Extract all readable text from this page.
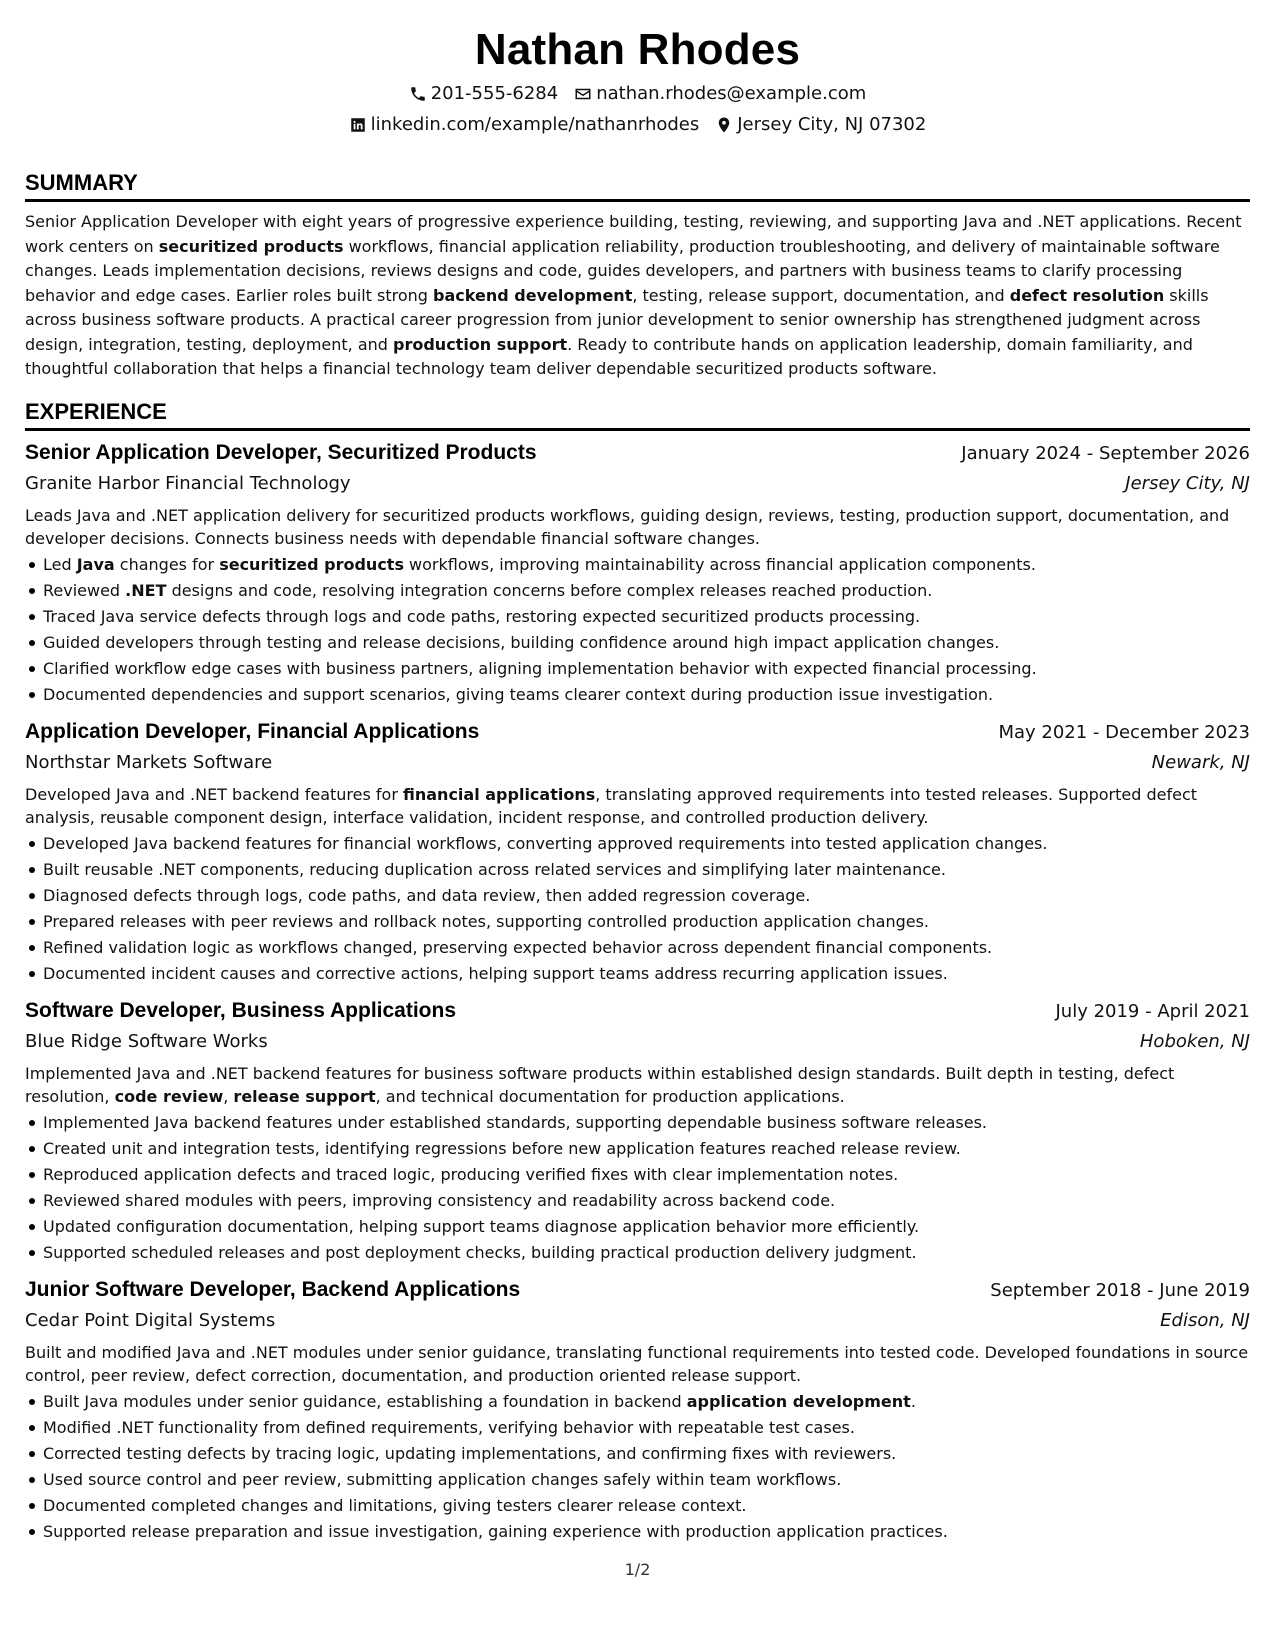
Nathan Rhodes
201-555-6284 nathan.rhodes@example.com
linkedin.com/example/nathanrhodes Jersey City, NJ 07302
SUMMARY
Senior Application Developer with eight years of progressive experience building, testing, reviewing, and supporting Java and .NET applications. Recent work centers on securitized products workflows, financial application reliability, production troubleshooting, and delivery of maintainable software changes. Leads implementation decisions, reviews designs and code, guides developers, and partners with business teams to clarify processing behavior and edge cases. Earlier roles built strong backend development, testing, release support, documentation, and defect resolution skills across business software products. A practical career progression from junior development to senior ownership has strengthened judgment across design, integration, testing, deployment, and production support. Ready to contribute hands on application leadership, domain familiarity, and thoughtful collaboration that helps a financial technology team deliver dependable securitized products software.
EXPERIENCE
Senior Application Developer, Securitized Products	January 2024 - September 2026
Granite Harbor Financial Technology	Jersey City, NJ
Leads Java and .NET application delivery for securitized products workflows, guiding design, reviews, testing, production support, documentation, and developer decisions. Connects business needs with dependable financial software changes.
Led Java changes for securitized products workflows, improving maintainability across financial application components.
Reviewed .NET designs and code, resolving integration concerns before complex releases reached production.
Traced Java service defects through logs and code paths, restoring expected securitized products processing.
Guided developers through testing and release decisions, building confidence around high impact application changes.
Clarified workflow edge cases with business partners, aligning implementation behavior with expected financial processing.
Documented dependencies and support scenarios, giving teams clearer context during production issue investigation.
Application Developer, Financial Applications	May 2021 - December 2023
Northstar Markets Software	Newark, NJ
Developed Java and .NET backend features for financial applications, translating approved requirements into tested releases. Supported defect analysis, reusable component design, interface validation, incident response, and controlled production delivery.
Developed Java backend features for financial workflows, converting approved requirements into tested application changes.
Built reusable .NET components, reducing duplication across related services and simplifying later maintenance.
Diagnosed defects through logs, code paths, and data review, then added regression coverage.
Prepared releases with peer reviews and rollback notes, supporting controlled production application changes.
Refined validation logic as workflows changed, preserving expected behavior across dependent financial components.
Documented incident causes and corrective actions, helping support teams address recurring application issues.
Software Developer, Business Applications	July 2019 - April 2021
Blue Ridge Software Works	Hoboken, NJ
Implemented Java and .NET backend features for business software products within established design standards. Built depth in testing, defect resolution, code review, release support, and technical documentation for production applications.
Implemented Java backend features under established standards, supporting dependable business software releases.
Created unit and integration tests, identifying regressions before new application features reached release review.
Reproduced application defects and traced logic, producing verified fixes with clear implementation notes.
Reviewed shared modules with peers, improving consistency and readability across backend code.
Updated configuration documentation, helping support teams diagnose application behavior more efficiently.
Supported scheduled releases and post deployment checks, building practical production delivery judgment.
Junior Software Developer, Backend Applications	September 2018 - June 2019
Cedar Point Digital Systems	Edison, NJ
Built and modified Java and .NET modules under senior guidance, translating functional requirements into tested code. Developed foundations in source control, peer review, defect correction, documentation, and production oriented release support.
Built Java modules under senior guidance, establishing a foundation in backend application development.
Modified .NET functionality from defined requirements, verifying behavior with repeatable test cases.
Corrected testing defects by tracing logic, updating implementations, and confirming fixes with reviewers.
Used source control and peer review, submitting application changes safely within team workflows.
Documented completed changes and limitations, giving testers clearer release context.
Supported release preparation and issue investigation, gaining experience with production application practices.
1/2
